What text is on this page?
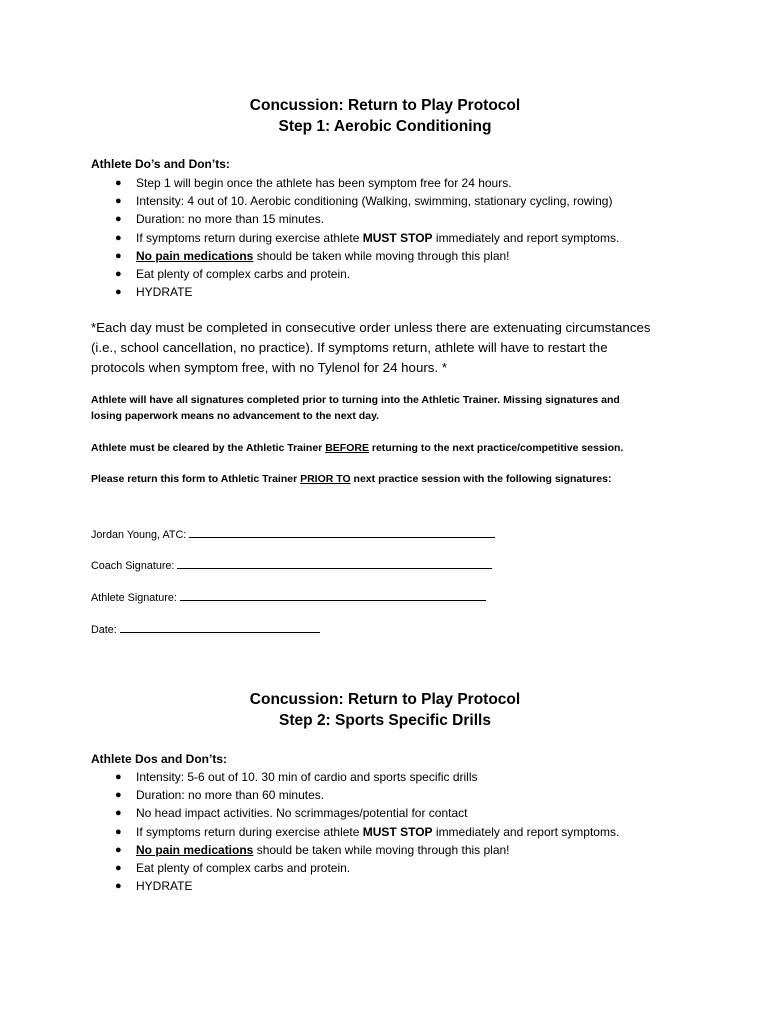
Concussion: Return to Play Protocol
Step 1: Aerobic Conditioning
Athlete Do’s and Don’ts:
● Step 1 will begin once the athlete has been symptom free for 24 hours.
● Intensity: 4 out of 10. Aerobic conditioning (Walking, swimming, stationary cycling, rowing)
● Duration: no more than 15 minutes.
● If symptoms return during exercise athlete MUST STOP immediately and report symptoms.
● No pain medications should be taken while moving through this plan!
● Eat plenty of complex carbs and protein.
● HYDRATE
*Each day must be completed in consecutive order unless there are extenuating circumstances
(i.e., school cancellation, no practice). If symptoms return, athlete will have to restart the
protocols when symptom free, with no Tylenol for 24 hours. *
Athlete will have all signatures completed prior to turning into the Athletic Trainer. Missing signatures and
losing paperwork means no advancement to the next day.
Athlete must be cleared by the Athletic Trainer BEFORE returning to the next practice/competitive session.
Please return this form to Athletic Trainer PRIOR TO next practice session with the following signatures:
Jordan Young, ATC:
Coach Signature:
Athlete Signature:
Date:
Concussion: Return to Play Protocol
Step 2: Sports Specific Drills
Athlete Dos and Don’ts:
● Intensity: 5-6 out of 10. 30 min of cardio and sports specific drills
● Duration: no more than 60 minutes.
● No head impact activities. No scrimmages/potential for contact
● If symptoms return during exercise athlete MUST STOP immediately and report symptoms.
● No pain medications should be taken while moving through this plan!
● Eat plenty of complex carbs and protein.
● HYDRATE
